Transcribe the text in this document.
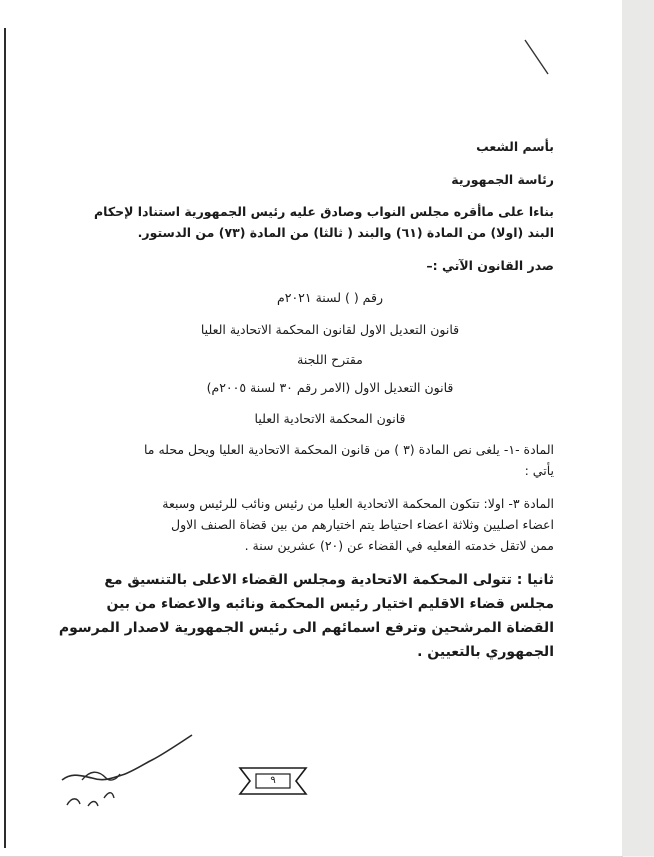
بأسم الشعب
رئاسة الجمهورية
بناءا على ماأقره مجلس النواب وصادق عليه رئيس الجمهورية استنادا لإحكام
البند (اولا) من المادة (٦١) والبند ( ثالثا) من المادة (٧٣) من الدستور.
صدر القانون الآتي :–
رقم ( ) لسنة ٢٠٢١م
قانون التعديل الاول لقانون المحكمة الاتحادية العليا
مقترح اللجنة
قانون التعديل الاول (الامر رقم ٣٠ لسنة ٢٠٠٥م)
قانون المحكمة الاتحادية العليا
المادة -١- يلغى نص المادة (٣ ) من قانون المحكمة الاتحادية العليا ويحل محله ما
يأتي :
المادة ٣- اولا: تتكون المحكمة الاتحادية العليا من رئيس ونائب للرئيس وسبعة
اعضاء اصليين وثلاثة اعضاء احتياط يتم اختيارهم من بين قضاة الصنف الاول
ممن لاتقل خدمته الفعليه في القضاء عن (٢٠) عشرين سنة .
ثانيا : تتولى المحكمة الاتحادية ومجلس القضاء الاعلى بالتنسيق مع
مجلس قضاء الاقليم اختيار رئيس المحكمة ونائبه والاعضاء من بين
القضاة المرشحين وترفع اسمائهم الى رئيس الجمهورية لاصدار المرسوم
الجمهوري بالتعيين .
٩
